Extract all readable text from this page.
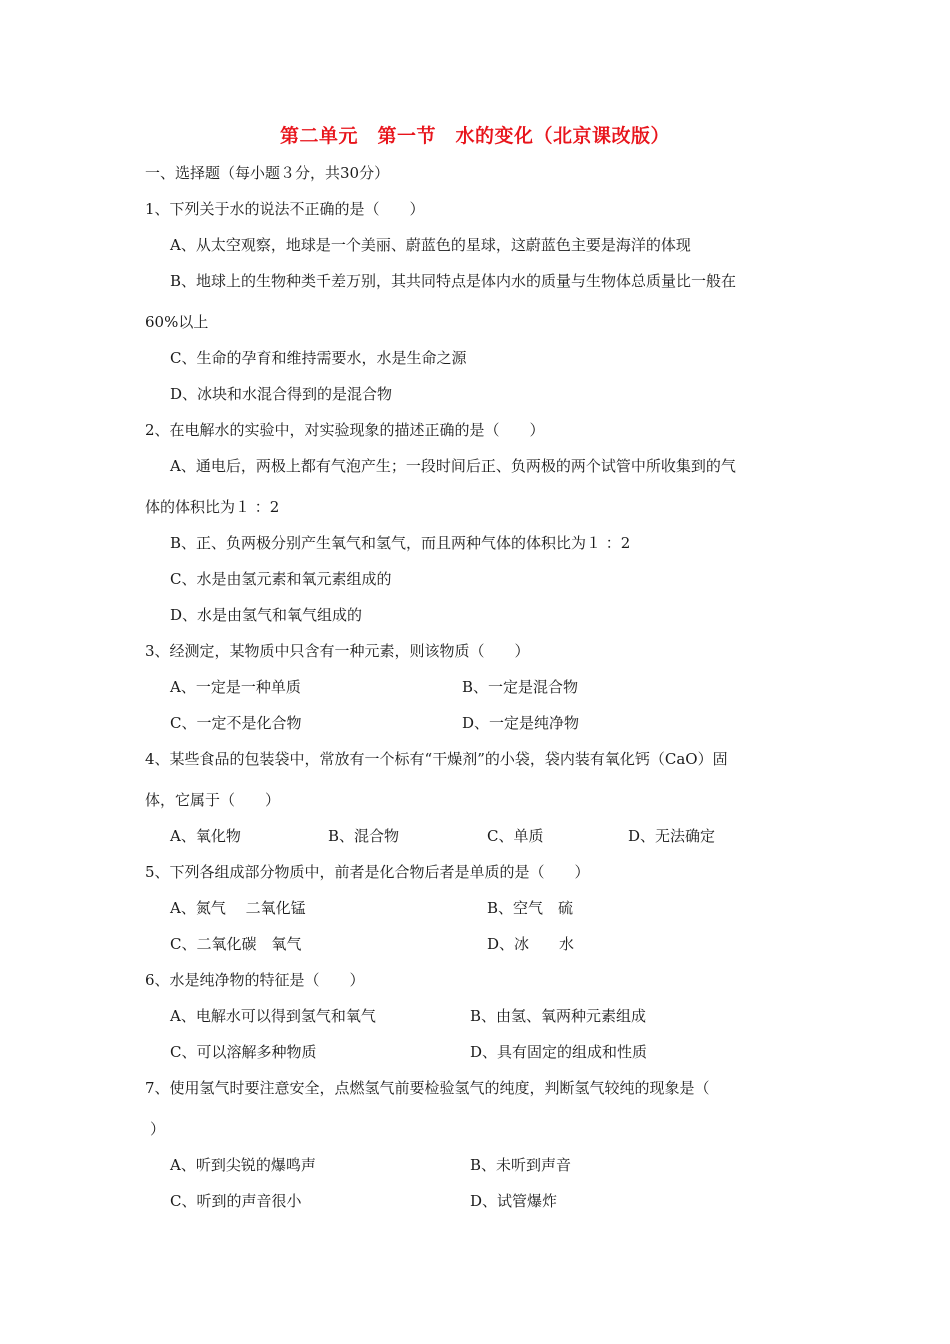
第二单元　第一节　水的变化（北京课改版）
一、选择题（每小题３分，共30分）
1、下列关于水的说法不正确的是（　　）
A、从太空观察，地球是一个美丽、蔚蓝色的星球，这蔚蓝色主要是海洋的体现
B、地球上的生物种类千差万别，其共同特点是体内水的质量与生物体总质量比一般在
60%以上
C、生命的孕育和维持需要水，水是生命之源
D、冰块和水混合得到的是混合物
2、在电解水的实验中，对实验现象的描述正确的是（　　）
A、通电后，两极上都有气泡产生；一段时间后正、负两极的两个试管中所收集到的气
体的体积比为１ ：2
B、正、负两极分别产生氧气和氢气，而且两种气体的体积比为１ ：2
C、水是由氢元素和氧元素组成的
D、水是由氢气和氧气组成的
3、经测定，某物质中只含有一种元素，则该物质（　　）
A、一定是一种单质	B、一定是混合物
C、一定不是化合物	D、一定是纯净物
4、某些食品的包装袋中，常放有一个标有“干燥剂”的小袋，袋内装有氧化钙（CaO）固
体，它属于（　　）
A、氧化物	B、混合物	C、单质	D、无法确定
5、下列各组成部分物质中，前者是化合物后者是单质的是（　　）
A、氮气　 二氧化锰	B、空气　硫
C、二氧化碳　氧气	D、冰　　水
6、水是纯净物的特征是（　　）
A、电解水可以得到氢气和氧气	B、由氢、氧两种元素组成
C、可以溶解多种物质	D、具有固定的组成和性质
7、使用氢气时要注意安全，点燃氢气前要检验氢气的纯度，判断氢气较纯的现象是（
）
A、听到尖锐的爆鸣声	B、未听到声音
C、听到的声音很小	D、试管爆炸
